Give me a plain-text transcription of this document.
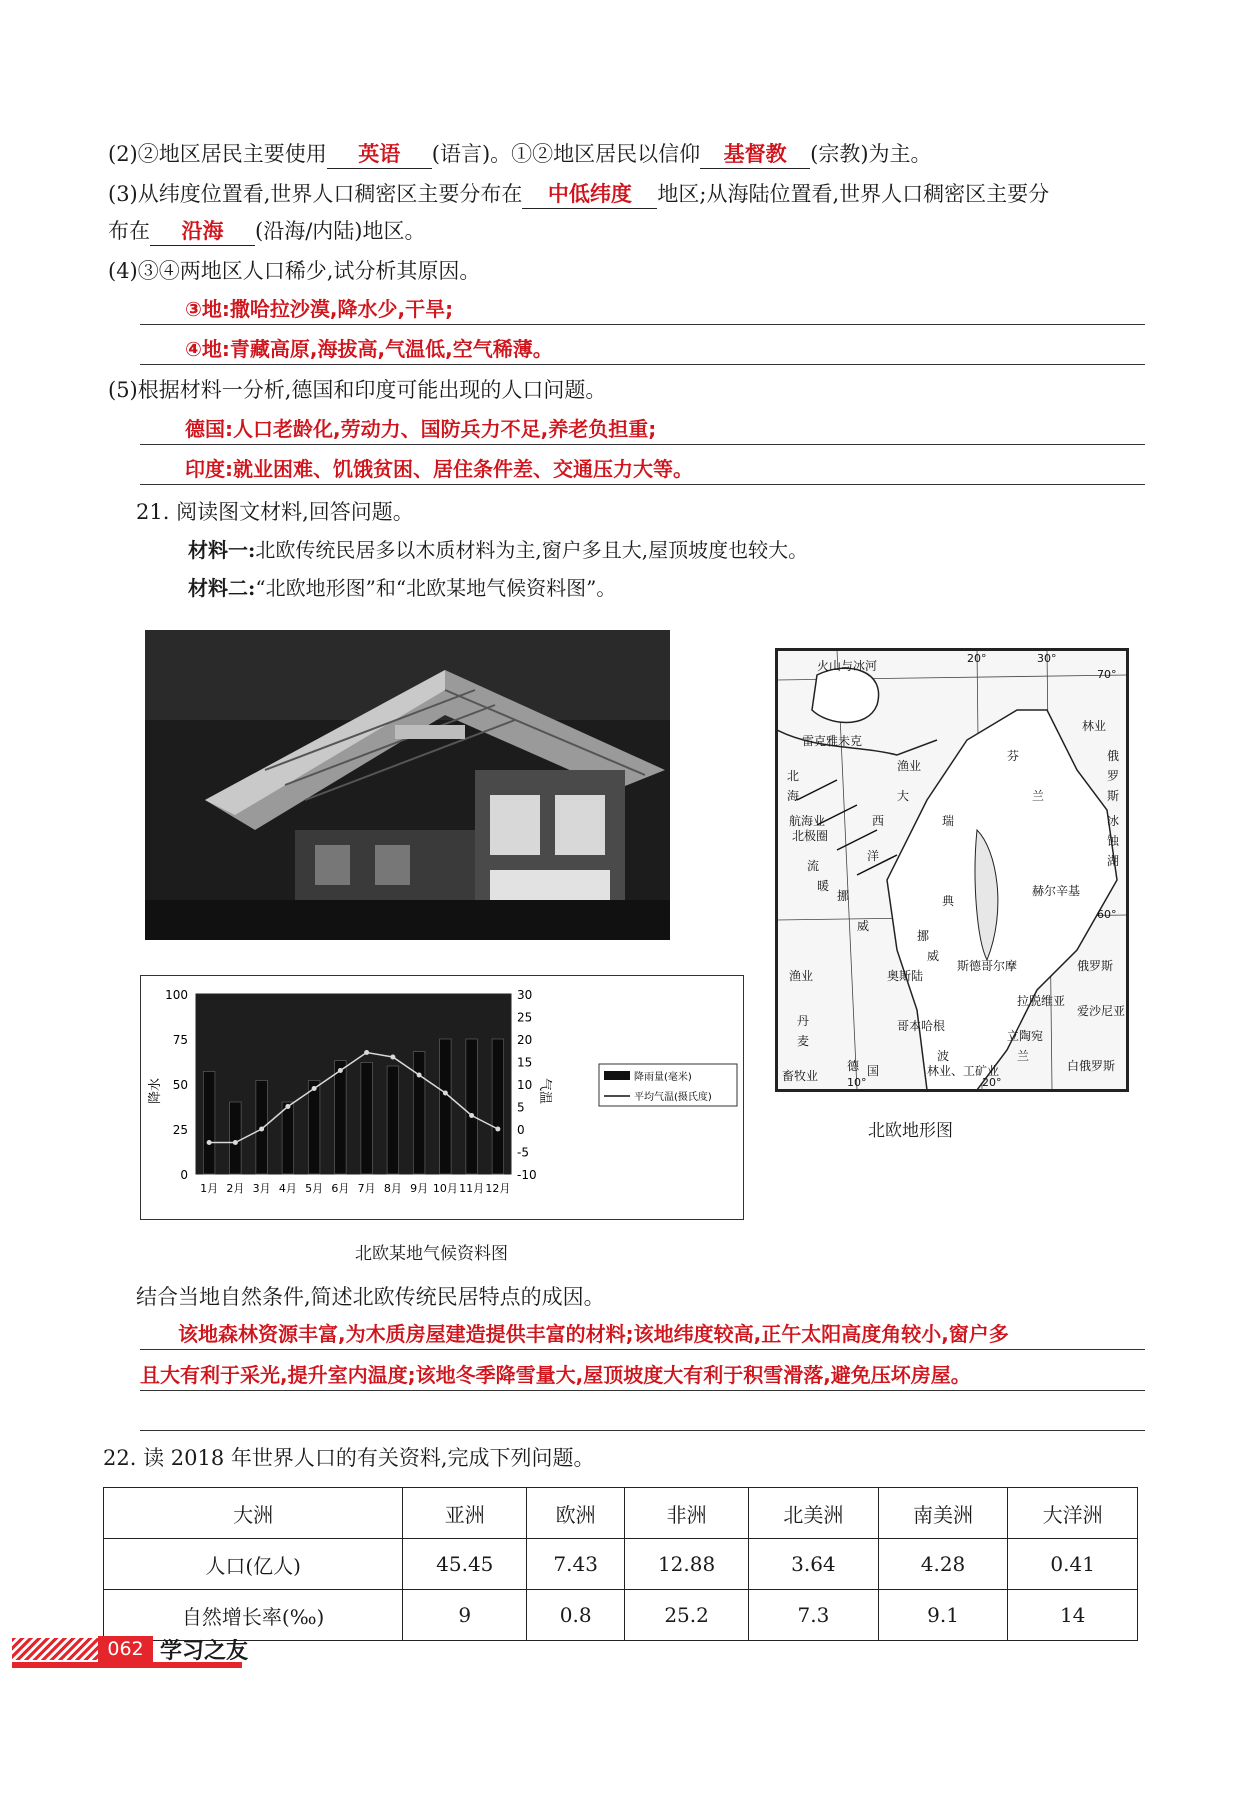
(2)②地区居民主要使用 英语 (语言)。①②地区居民以信仰 基督教 (宗教)为主。
(3)从纬度位置看,世界人口稠密区主要分布在 中低纬度 地区;从海陆位置看,世界人口稠密区主要分
布在 沿海 (沿海/内陆)地区。
(4)③④两地区人口稀少,试分析其原因。
③地:撒哈拉沙漠,降水少,干旱;
④地:青藏高原,海拔高,气温低,空气稀薄。
(5)根据材料一分析,德国和印度可能出现的人口问题。
德国:人口老龄化,劳动力、国防兵力不足,养老负担重;
印度:就业困难、饥饿贫困、居住条件差、交通压力大等。
21. 阅读图文材料,回答问题。
材料一:北欧传统民居多以木质材料为主,窗户多且大,屋顶坡度也较大。
材料二:“北欧地形图”和“北欧某地气候资料图”。
火山与冰河
雷克雅未克
渔业
林业
航海业
渔业
畜牧业	林业、工矿业
北极圈
大
西
洋
挪
威
瑞
典
芬
兰
俄
罗
斯
冰
蚀
湖
赫尔辛基
斯德哥尔摩
奥斯陆
丹
麦
波	兰
拉脱维亚
立陶宛
俄罗斯
白俄罗斯
北
海
挪
威
流
暖
德 国
哥本哈根
爱沙尼亚
20°	30°
10°	20°
70°
60°
北欧地形图
0
25
50
75
100
-10
-5
0
5
10
15
20
25
30
降水	气温
1月 2月 3月 4月 5月 6月 7月 8月 9月 10月 11月 12月
降雨量(毫米)
平均气温(摄氏度)
北欧某地气候资料图
结合当地自然条件,简述北欧传统民居特点的成因。
该地森林资源丰富,为木质房屋建造提供丰富的材料;该地纬度较高,正午太阳高度角较小,窗户多
且大有利于采光,提升室内温度;该地冬季降雪量大,屋顶坡度大有利于积雪滑落,避免压坏房屋。
22. 读 2018 年世界人口的有关资料,完成下列问题。
大洲	亚洲	欧洲	非洲	北美洲	南美洲	大洋洲
人口(亿人)	45.45	7.43	12.88	3.64	4.28	0.41
自然增长率(‰)	9	0.8	25.2	7.3	9.1	14
062 学习之友
